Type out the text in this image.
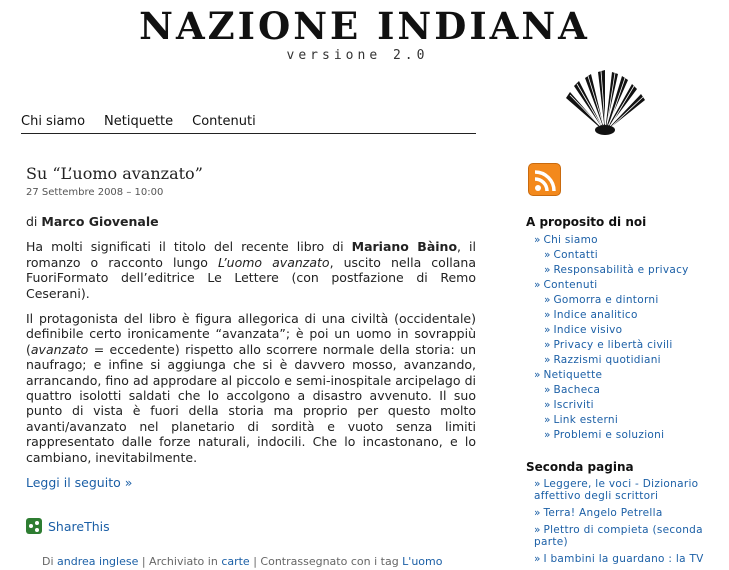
NAZIONE INDIANA
versione 2.0
Chi siamo Netiquette Contenuti
Su “L’uomo avanzato”
27 Settembre 2008 – 10:00

di Marco Giovenale

Ha molti significati il titolo del recente libro di Mariano Bàino, il romanzo o racconto lungo L’uomo avanzato, uscito nella collana FuoriFormato dell’editrice Le Lettere (con postfazione di Remo Ceserani).

Il protagonista del libro è figura allegorica di una civiltà (occidentale) definibile certo ironicamente “avanzata”; è poi un uomo in sovrappiù (avanzato = eccedente) rispetto allo scorrere normale della storia: un naufrago; e infine si aggiunga che si è davvero mosso, avanzando, arrancando, fino ad approdare al piccolo e semi-inospitale arcipelago di quattro isolotti saldati che lo accolgono a disastro avvenuto. Il suo punto di vista è fuori della storia ma proprio per questo molto avanti/avanzato nel planetario di sordità e vuoto senza limiti rappresentato dalle forze naturali, indocili. Che lo incastonano, e lo cambiano, inevitabilmente.

Leggi il seguito »
ShareThis
Di andrea inglese | Archiviato in carte | Contrassegnato con i tag L'uomo
A proposito di noi
» Chi siamo
» Contatti
» Responsabilità e privacy
» Contenuti
» Gomorra e dintorni
» Indice analitico
» Indice visivo
» Privacy e libertà civili
» Razzismi quotidiani
» Netiquette
» Bacheca
» Iscriviti
» Link esterni
» Problemi e soluzioni
Seconda pagina
» Leggere, le voci - Dizionario affettivo degli scrittori
» Terra! Angelo Petrella
» Plettro di compieta (seconda parte)
» I bambini la guardano : la TV
